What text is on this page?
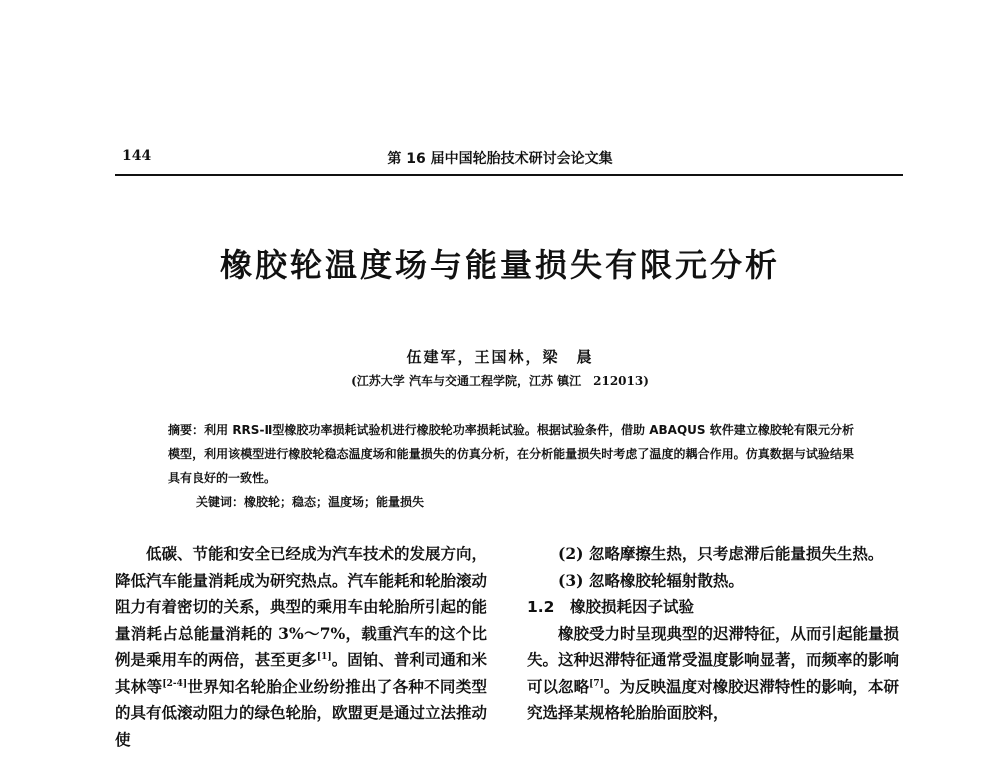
144	第 16 届中国轮胎技术研讨会论文集
橡胶轮温度场与能量损失有限元分析
伍建军，王国林，梁　晨
(江苏大学 汽车与交通工程学院，江苏 镇江　212013)
摘要：利用 RRS-Ⅱ型橡胶功率损耗试验机进行橡胶轮功率损耗试验。根据试验条件，借助 ABAQUS 软件建立橡胶轮有限元分析模型，利用该模型进行橡胶轮稳态温度场和能量损失的仿真分析，在分析能量损失时考虑了温度的耦合作用。仿真数据与试验结果具有良好的一致性。
关键词：橡胶轮；稳态；温度场；能量损失

低碳、节能和安全已经成为汽车技术的发展方向，降低汽车能量消耗成为研究热点。汽车能耗和轮胎滚动阻力有着密切的关系，典型的乘用车由轮胎所引起的能量消耗占总能量消耗的 3%～7%，载重汽车的这个比例是乘用车的两倍，甚至更多[1]。固铂、普利司通和米其林等[2-4]世界知名轮胎企业纷纷推出了各种不同类型的具有低滚动阻力的绿色轮胎，欧盟更是通过立法推动使

(2) 忽略摩擦生热，只考虑滞后能量损失生热。

(3) 忽略橡胶轮辐射散热。

1.2　橡胶损耗因子试验

橡胶受力时呈现典型的迟滞特征，从而引起能量损失。这种迟滞特征通常受温度影响显著，而频率的影响可以忽略[7]。为反映温度对橡胶迟滞特性的影响，本研究选择某规格轮胎胎面胶料，
